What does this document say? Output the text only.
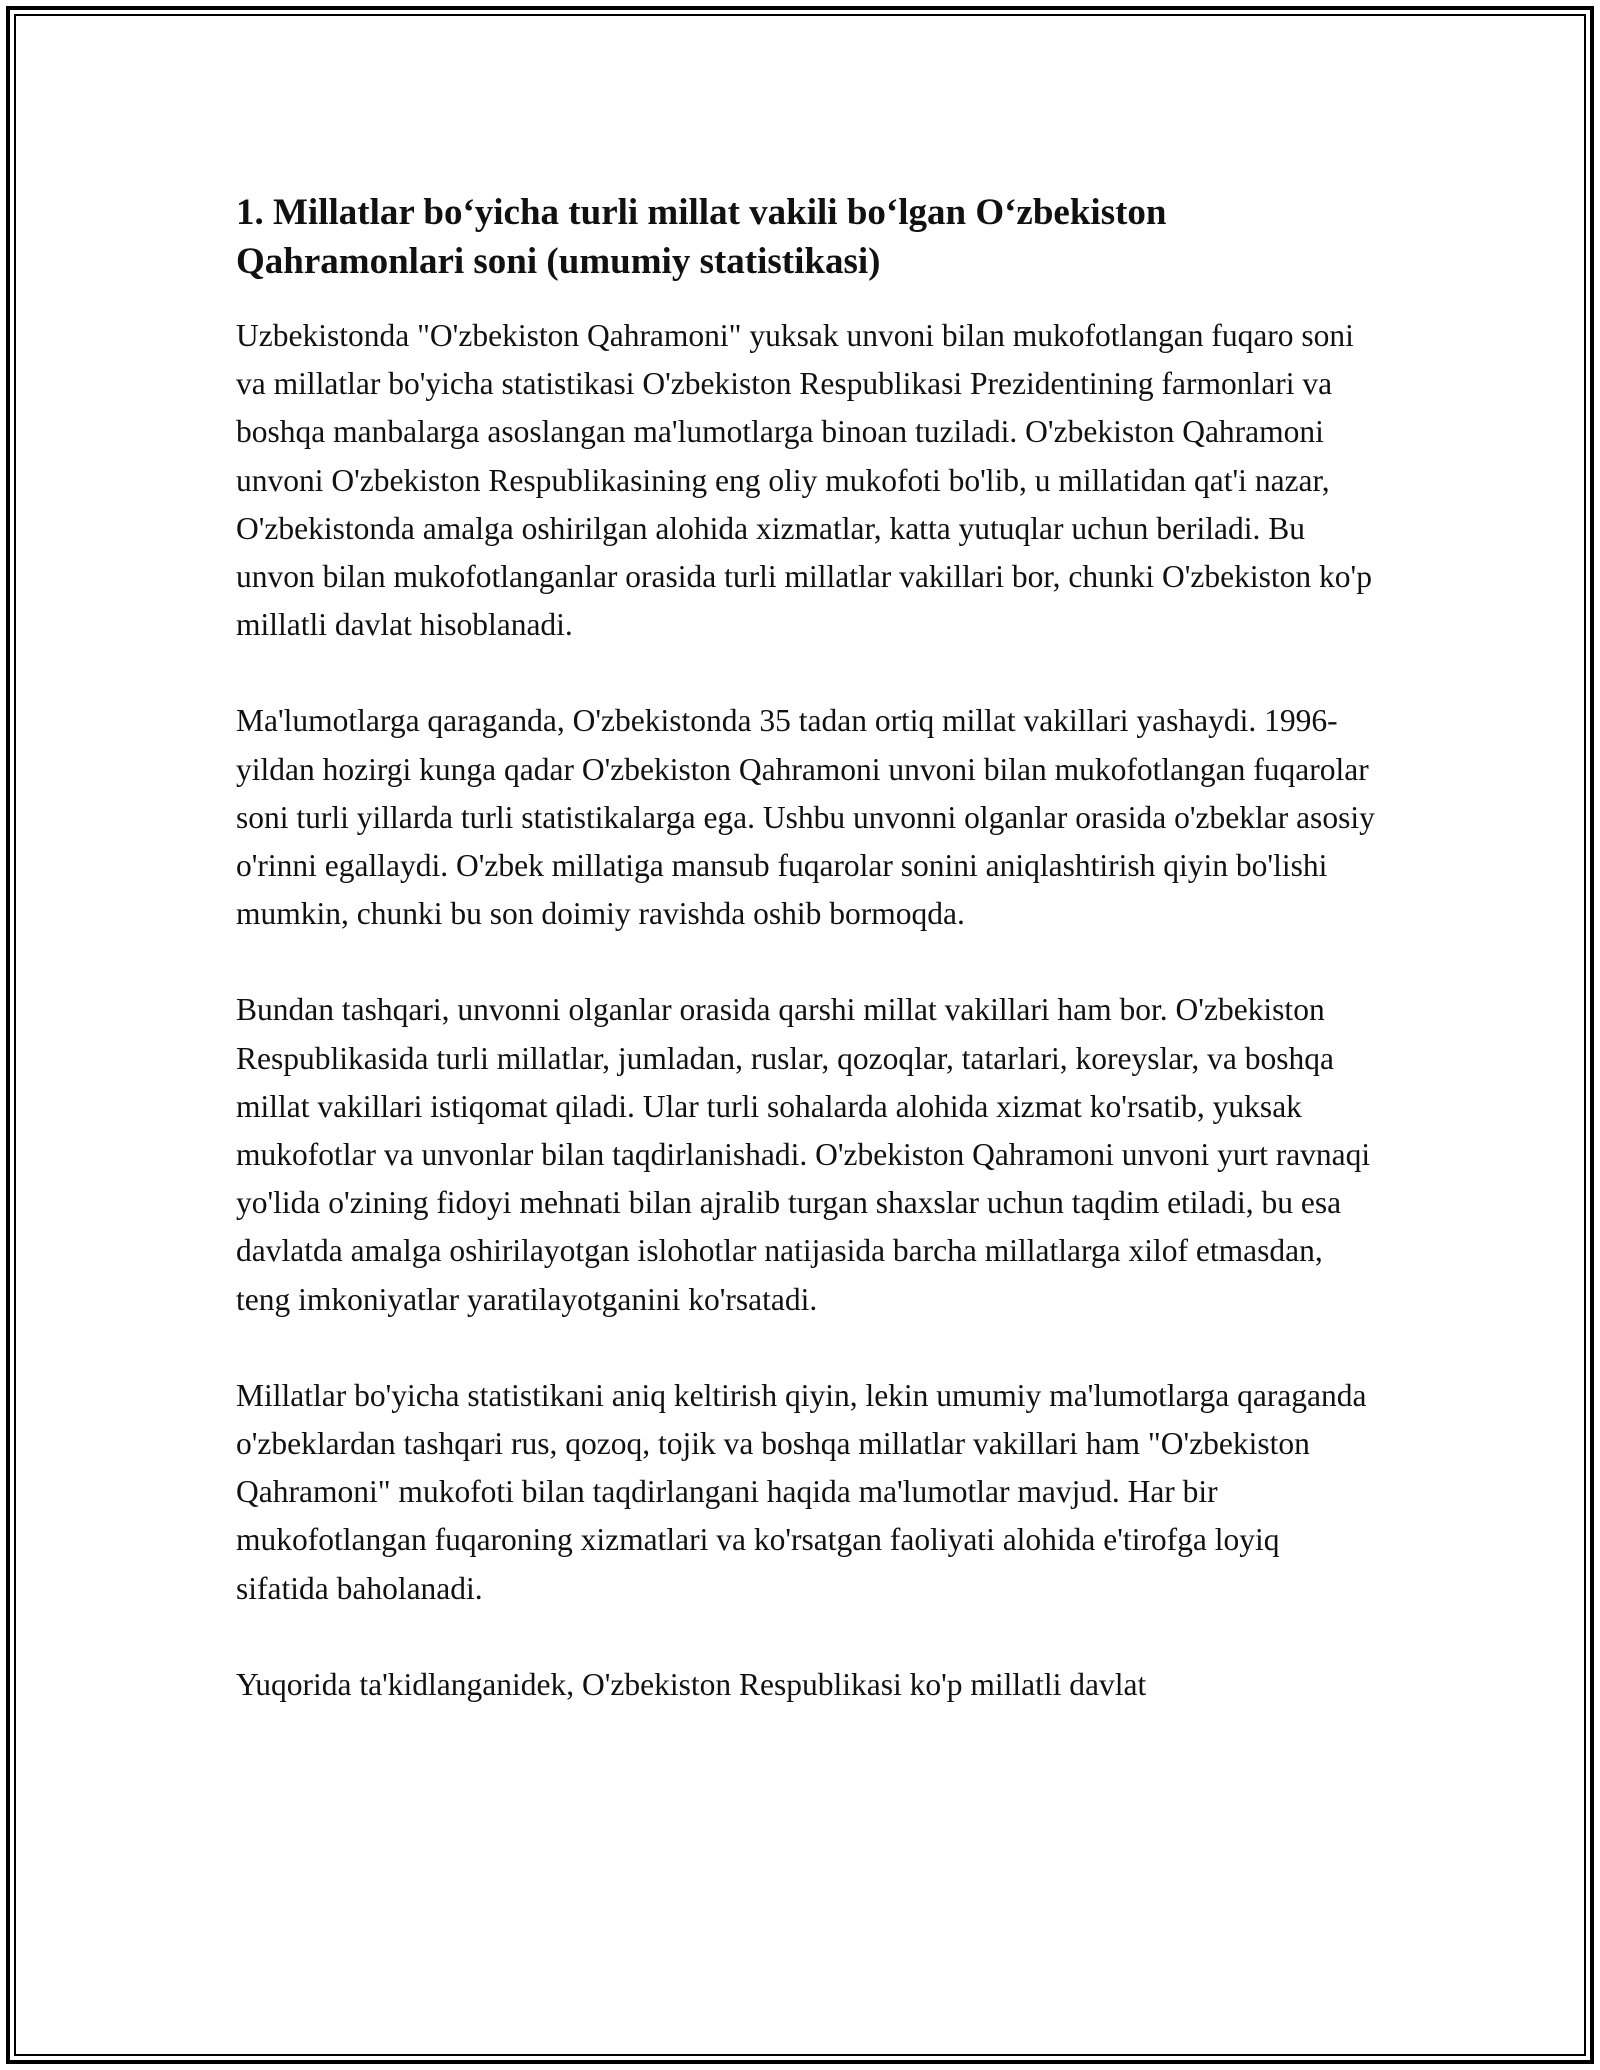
1. Millatlar bo‘yicha turli millat vakili bo‘lgan O‘zbekiston Qahramonlari soni (umumiy statistikasi)

Uzbekistonda "O'zbekiston Qahramoni" yuksak unvoni bilan mukofotlangan fuqaro soni va millatlar bo'yicha statistikasi O'zbekiston Respublikasi Prezidentining farmonlari va boshqa manbalarga asoslangan ma'lumotlarga binoan tuziladi. O'zbekiston Qahramoni unvoni O'zbekiston Respublikasining eng oliy mukofoti bo'lib, u millatidan qat'i nazar, O'zbekistonda amalga oshirilgan alohida xizmatlar, katta yutuqlar uchun beriladi. Bu unvon bilan mukofotlanganlar orasida turli millatlar vakillari bor, chunki O'zbekiston ko'p millatli davlat hisoblanadi.

Ma'lumotlarga qaraganda, O'zbekistonda 35 tadan ortiq millat vakillari yashaydi. 1996-yildan hozirgi kunga qadar O'zbekiston Qahramoni unvoni bilan mukofotlangan fuqarolar soni turli yillarda turli statistikalarga ega. Ushbu unvonni olganlar orasida o'zbeklar asosiy o'rinni egallaydi. O'zbek millatiga mansub fuqarolar sonini aniqlashtirish qiyin bo'lishi mumkin, chunki bu son doimiy ravishda oshib bormoqda.

Bundan tashqari, unvonni olganlar orasida qarshi millat vakillari ham bor. O'zbekiston Respublikasida turli millatlar, jumladan, ruslar, qozoqlar, tatarlari, koreyslar, va boshqa millat vakillari istiqomat qiladi. Ular turli sohalarda alohida xizmat ko'rsatib, yuksak mukofotlar va unvonlar bilan taqdirlanishadi. O'zbekiston Qahramoni unvoni yurt ravnaqi yo'lida o'zining fidoyi mehnati bilan ajralib turgan shaxslar uchun taqdim etiladi, bu esa davlatda amalga oshirilayotgan islohotlar natijasida barcha millatlarga xilof etmasdan, teng imkoniyatlar yaratilayotganini ko'rsatadi.

Millatlar bo'yicha statistikani aniq keltirish qiyin, lekin umumiy ma'lumotlarga qaraganda o'zbeklardan tashqari rus, qozoq, tojik va boshqa millatlar vakillari ham "O'zbekiston Qahramoni" mukofoti bilan taqdirlangani haqida ma'lumotlar mavjud. Har bir mukofotlangan fuqaroning xizmatlari va ko'rsatgan faoliyati alohida e'tirofga loyiq sifatida baholanadi.

Yuqorida ta'kidlanganidek, O'zbekiston Respublikasi ko'p millatli davlat
